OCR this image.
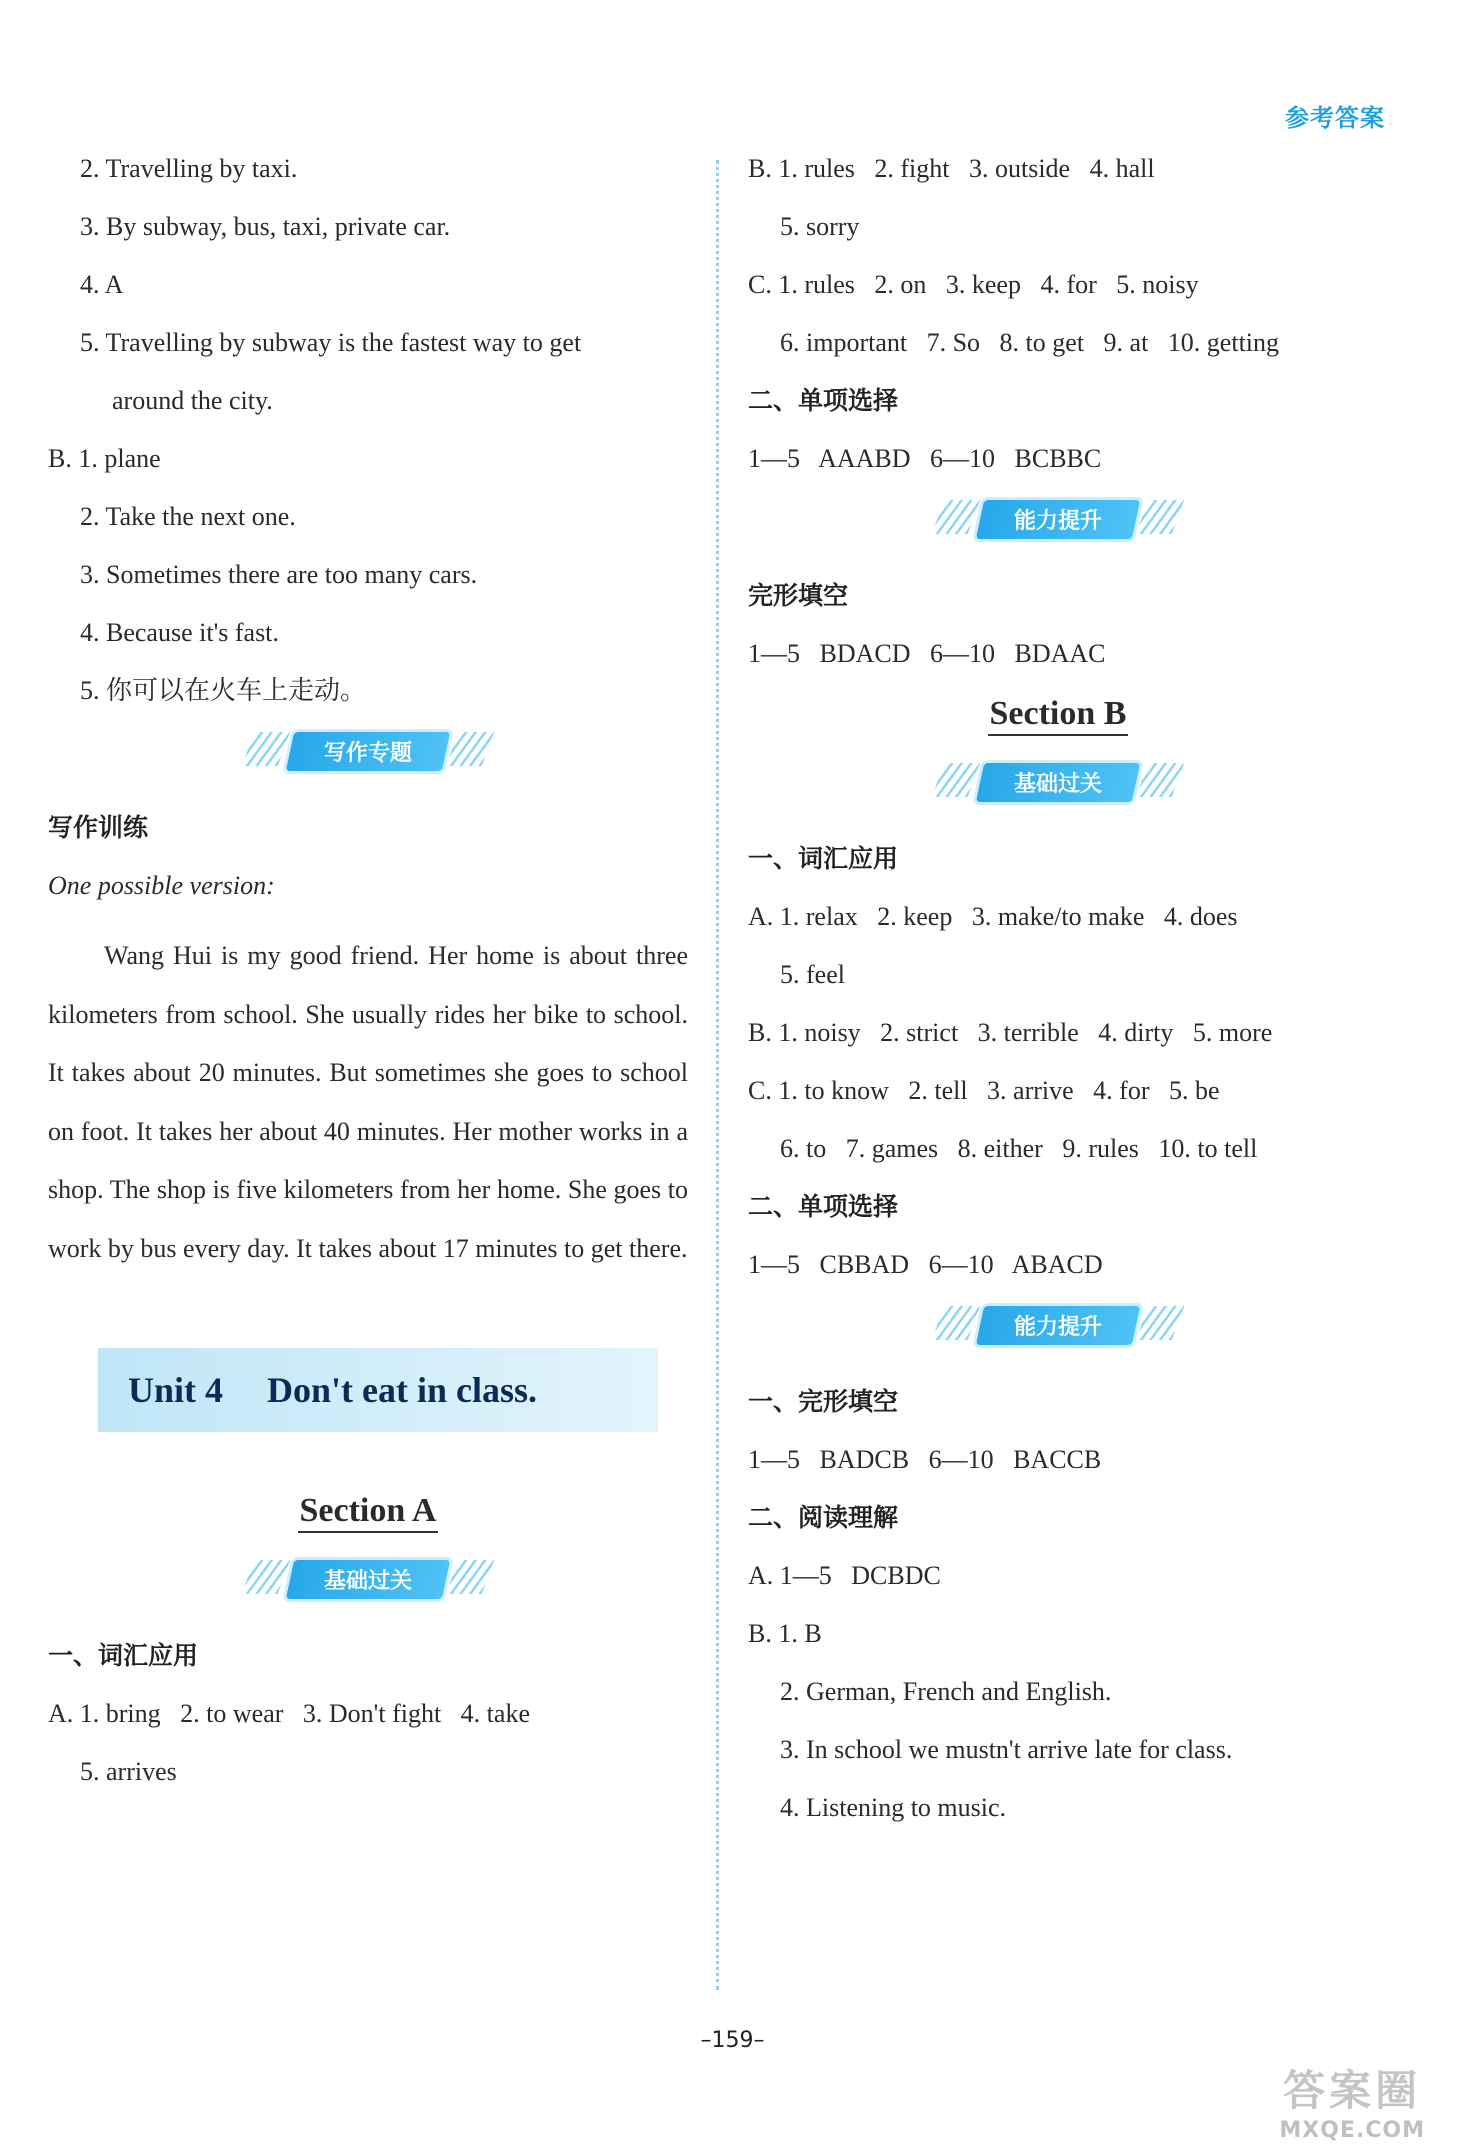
参考答案

2. Travelling by taxi.

3. By subway, bus, taxi, private car.

4. A

5. Travelling by subway is the fastest way to get

around the city.

B. 1. plane

2. Take the next one.

3. Sometimes there are too many cars.

4. Because it's fast.

5. 你可以在火车上走动。

写作专题

写作训练

One possible version:

Wang Hui is my good friend. Her home is about three kilometers from school. She usually rides her bike to school. It takes about 20 minutes. But sometimes she goes to school on foot. It takes her about 40 minutes. Her mother works in a shop. The shop is five kilometers from her home. She goes to work by bus every day. It takes about 17 minutes to get there.

Unit 4 Don't eat in class.
Section A
基础过关

一、词汇应用

A. 1. bring   2. to wear   3. Don't fight   4. take

5. arrives

B. 1. rules   2. fight   3. outside   4. hall

5. sorry

C. 1. rules   2. on   3. keep   4. for   5. noisy

6. important   7. So   8. to get   9. at   10. getting

二、单项选择

1—5   AAABD   6—10   BCBBC

能力提升

完形填空

1—5   BDACD   6—10   BDAAC

Section B
基础过关

一、词汇应用

A. 1. relax   2. keep   3. make/to make   4. does

5. feel

B. 1. noisy   2. strict   3. terrible   4. dirty   5. more

C. 1. to know   2. tell   3. arrive   4. for   5. be

6. to   7. games   8. either   9. rules   10. to tell

二、单项选择

1—5   CBBAD   6—10   ABACD

能力提升

一、完形填空

1—5   BADCB   6—10   BACCB

二、阅读理解

A. 1—5   DCBDC

B. 1. B

2. German, French and English.

3. In school we mustn't arrive late for class.

4. Listening to music.

–159–
答案圈
MXQE.COM
